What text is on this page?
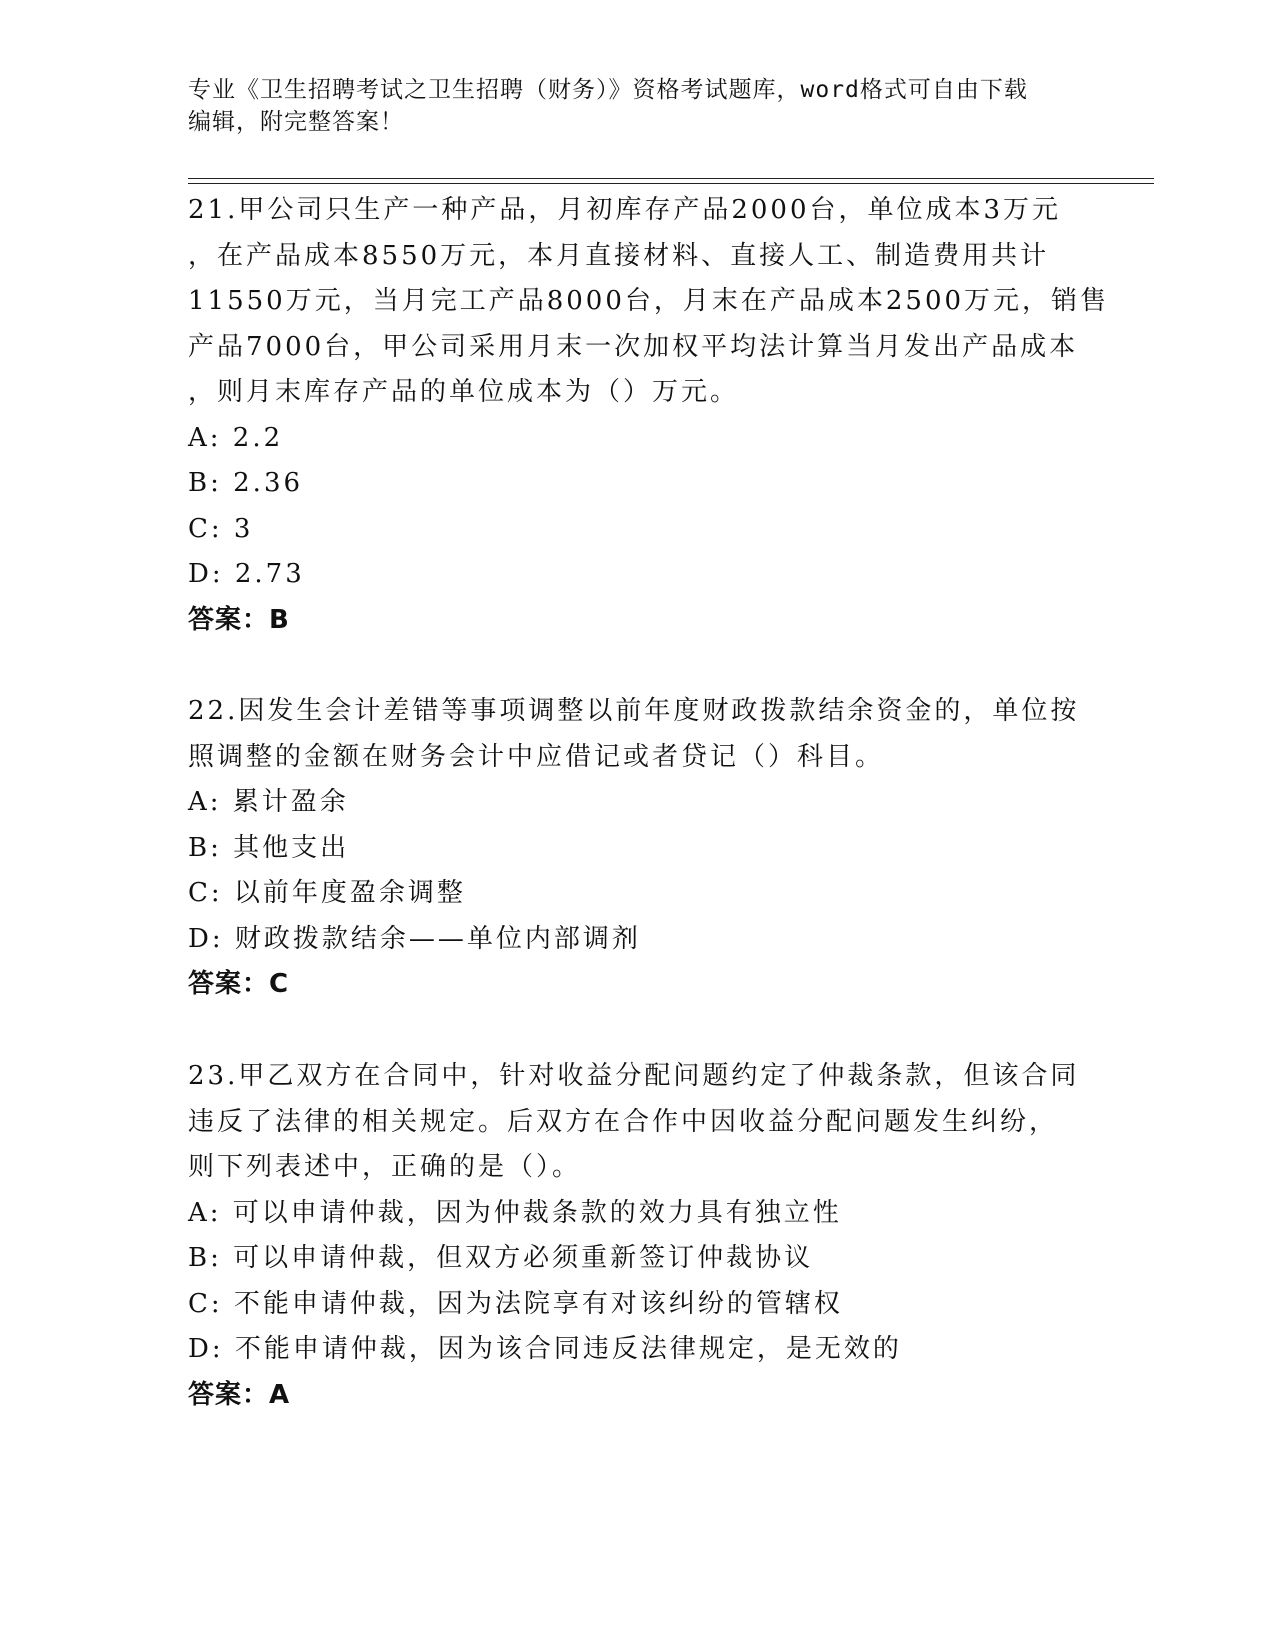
专业《卫生招聘考试之卫生招聘（财务）》资格考试题库，word格式可自由下载
编辑，附完整答案！
21.甲公司只生产一种产品，月初库存产品2000台，单位成本3万元
，在产品成本8550万元，本月直接材料、直接人工、制造费用共计
11550万元，当月完工产品8000台，月末在产品成本2500万元，销售
产品7000台，甲公司采用月末一次加权平均法计算当月发出产品成本
，则月末库存产品的单位成本为（）万元。
A: 2.2
B: 2.36
C: 3
D: 2.73
答案：B
22.因发生会计差错等事项调整以前年度财政拨款结余资金的，单位按
照调整的金额在财务会计中应借记或者贷记（）科目。
A: 累计盈余
B: 其他支出
C: 以前年度盈余调整
D: 财政拨款结余——单位内部调剂
答案：C
23.甲乙双方在合同中，针对收益分配问题约定了仲裁条款，但该合同
违反了法律的相关规定。后双方在合作中因收益分配问题发生纠纷，
则下列表述中，正确的是（）。
A: 可以申请仲裁，因为仲裁条款的效力具有独立性
B: 可以申请仲裁，但双方必须重新签订仲裁协议
C: 不能申请仲裁，因为法院享有对该纠纷的管辖权
D: 不能申请仲裁，因为该合同违反法律规定，是无效的
答案：A
